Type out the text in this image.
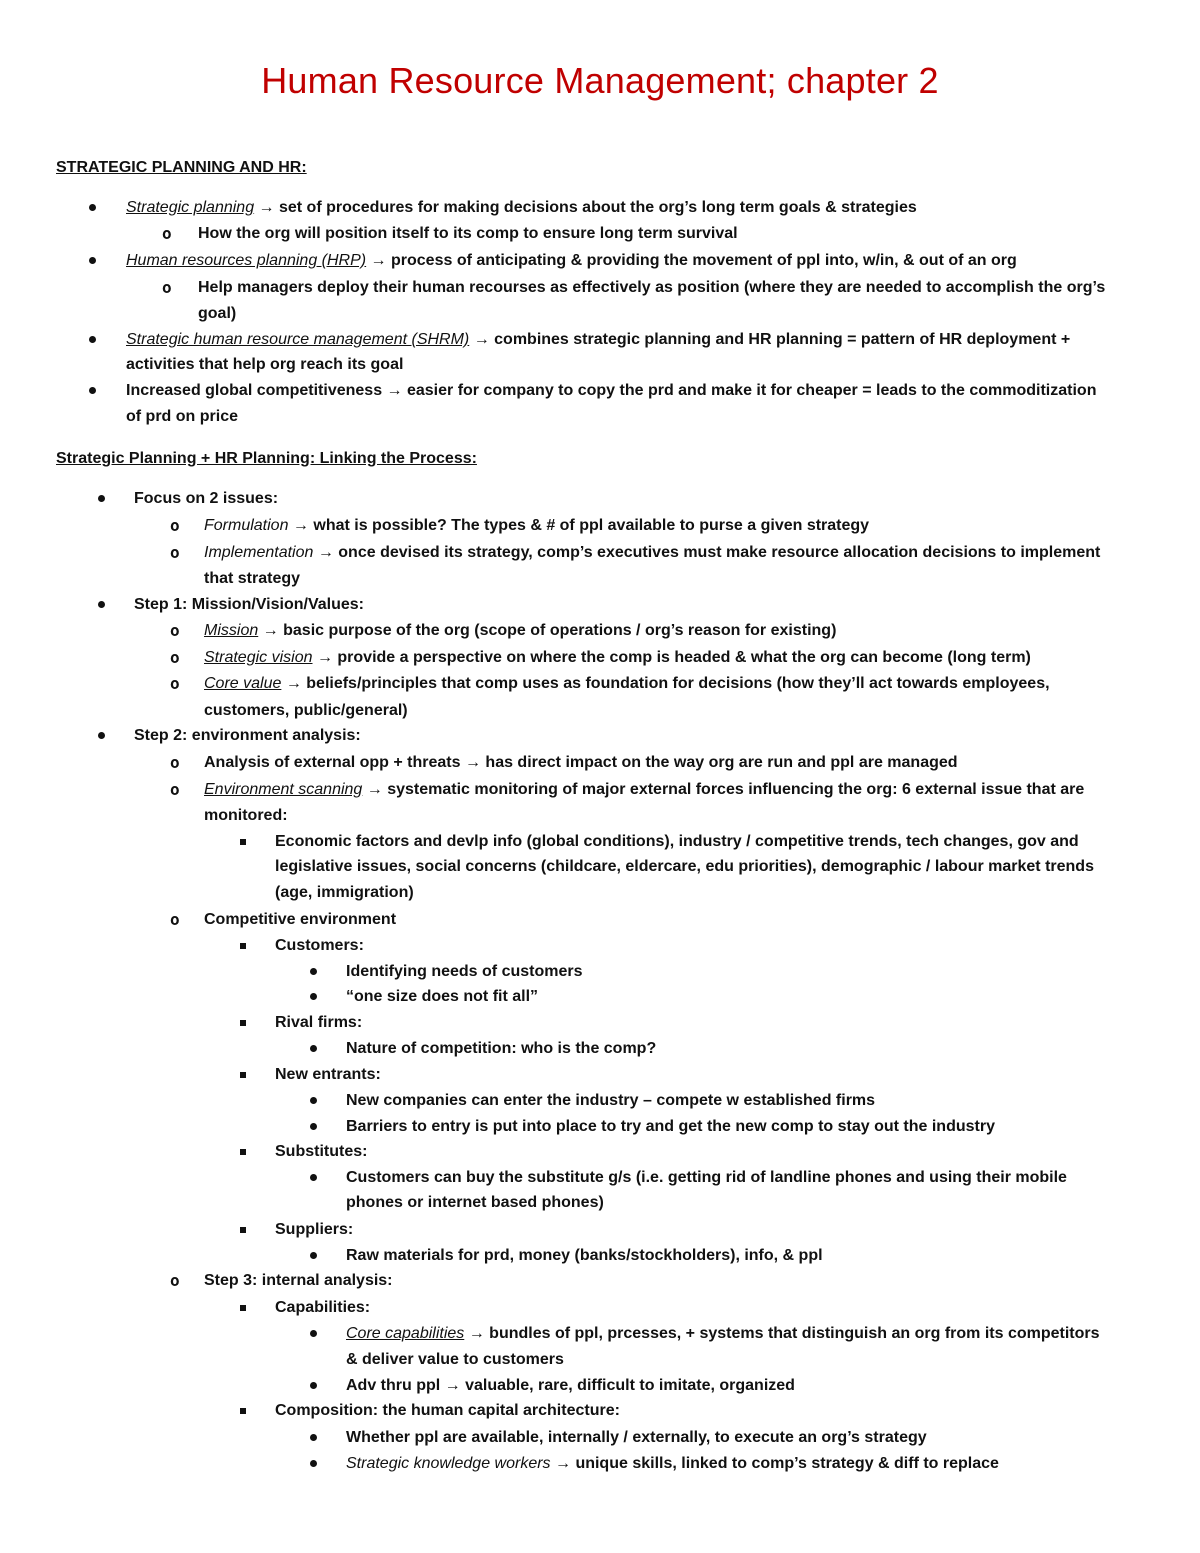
Human Resource Management; chapter 2
STRATEGIC PLANNING AND HR:
Strategic planning → set of procedures for making decisions about the org’s long term goals & strategies
o How the org will position itself to its comp to ensure long term survival
Human resources planning (HRP) → process of anticipating & providing the movement of ppl into, w/in, & out of an org
o Help managers deploy their human recourses as effectively as position (where they are needed to accomplish the org’s
goal)
Strategic human resource management (SHRM) → combines strategic planning and HR planning = pattern of HR deployment +
activities that help org reach its goal
Increased global competitiveness → easier for company to copy the prd and make it for cheaper = leads to the commoditization
of prd on price
Strategic Planning + HR Planning: Linking the Process:
Focus on 2 issues:
o Formulation → what is possible? The types & # of ppl available to purse a given strategy
o Implementation → once devised its strategy, comp’s executives must make resource allocation decisions to implement
that strategy
Step 1: Mission/Vision/Values:
o Mission → basic purpose of the org (scope of operations / org’s reason for existing)
o Strategic vision → provide a perspective on where the comp is headed & what the org can become (long term)
o Core value → beliefs/principles that comp uses as foundation for decisions (how they’ll act towards employees,
customers, public/general)
Step 2: environment analysis:
o Analysis of external opp + threats → has direct impact on the way org are run and ppl are managed
o Environment scanning → systematic monitoring of major external forces influencing the org: 6 external issue that are
monitored:
Economic factors and devlp info (global conditions), industry / competitive trends, tech changes, gov and
legislative issues, social concerns (childcare, eldercare, edu priorities), demographic / labour market trends
(age, immigration)
o Competitive environment
Customers:
Identifying needs of customers
“one size does not fit all”
Rival firms:
Nature of competition: who is the comp?
New entrants:
New companies can enter the industry – compete w established firms
Barriers to entry is put into place to try and get the new comp to stay out the industry
Substitutes:
Customers can buy the substitute g/s (i.e. getting rid of landline phones and using their mobile
phones or internet based phones)
Suppliers:
Raw materials for prd, money (banks/stockholders), info, & ppl
o Step 3: internal analysis:
Capabilities:
Core capabilities → bundles of ppl, prcesses, + systems that distinguish an org from its competitors
& deliver value to customers
Adv thru ppl → valuable, rare, difficult to imitate, organized
Composition: the human capital architecture:
Whether ppl are available, internally / externally, to execute an org’s strategy
Strategic knowledge workers → unique skills, linked to comp’s strategy & diff to replace
